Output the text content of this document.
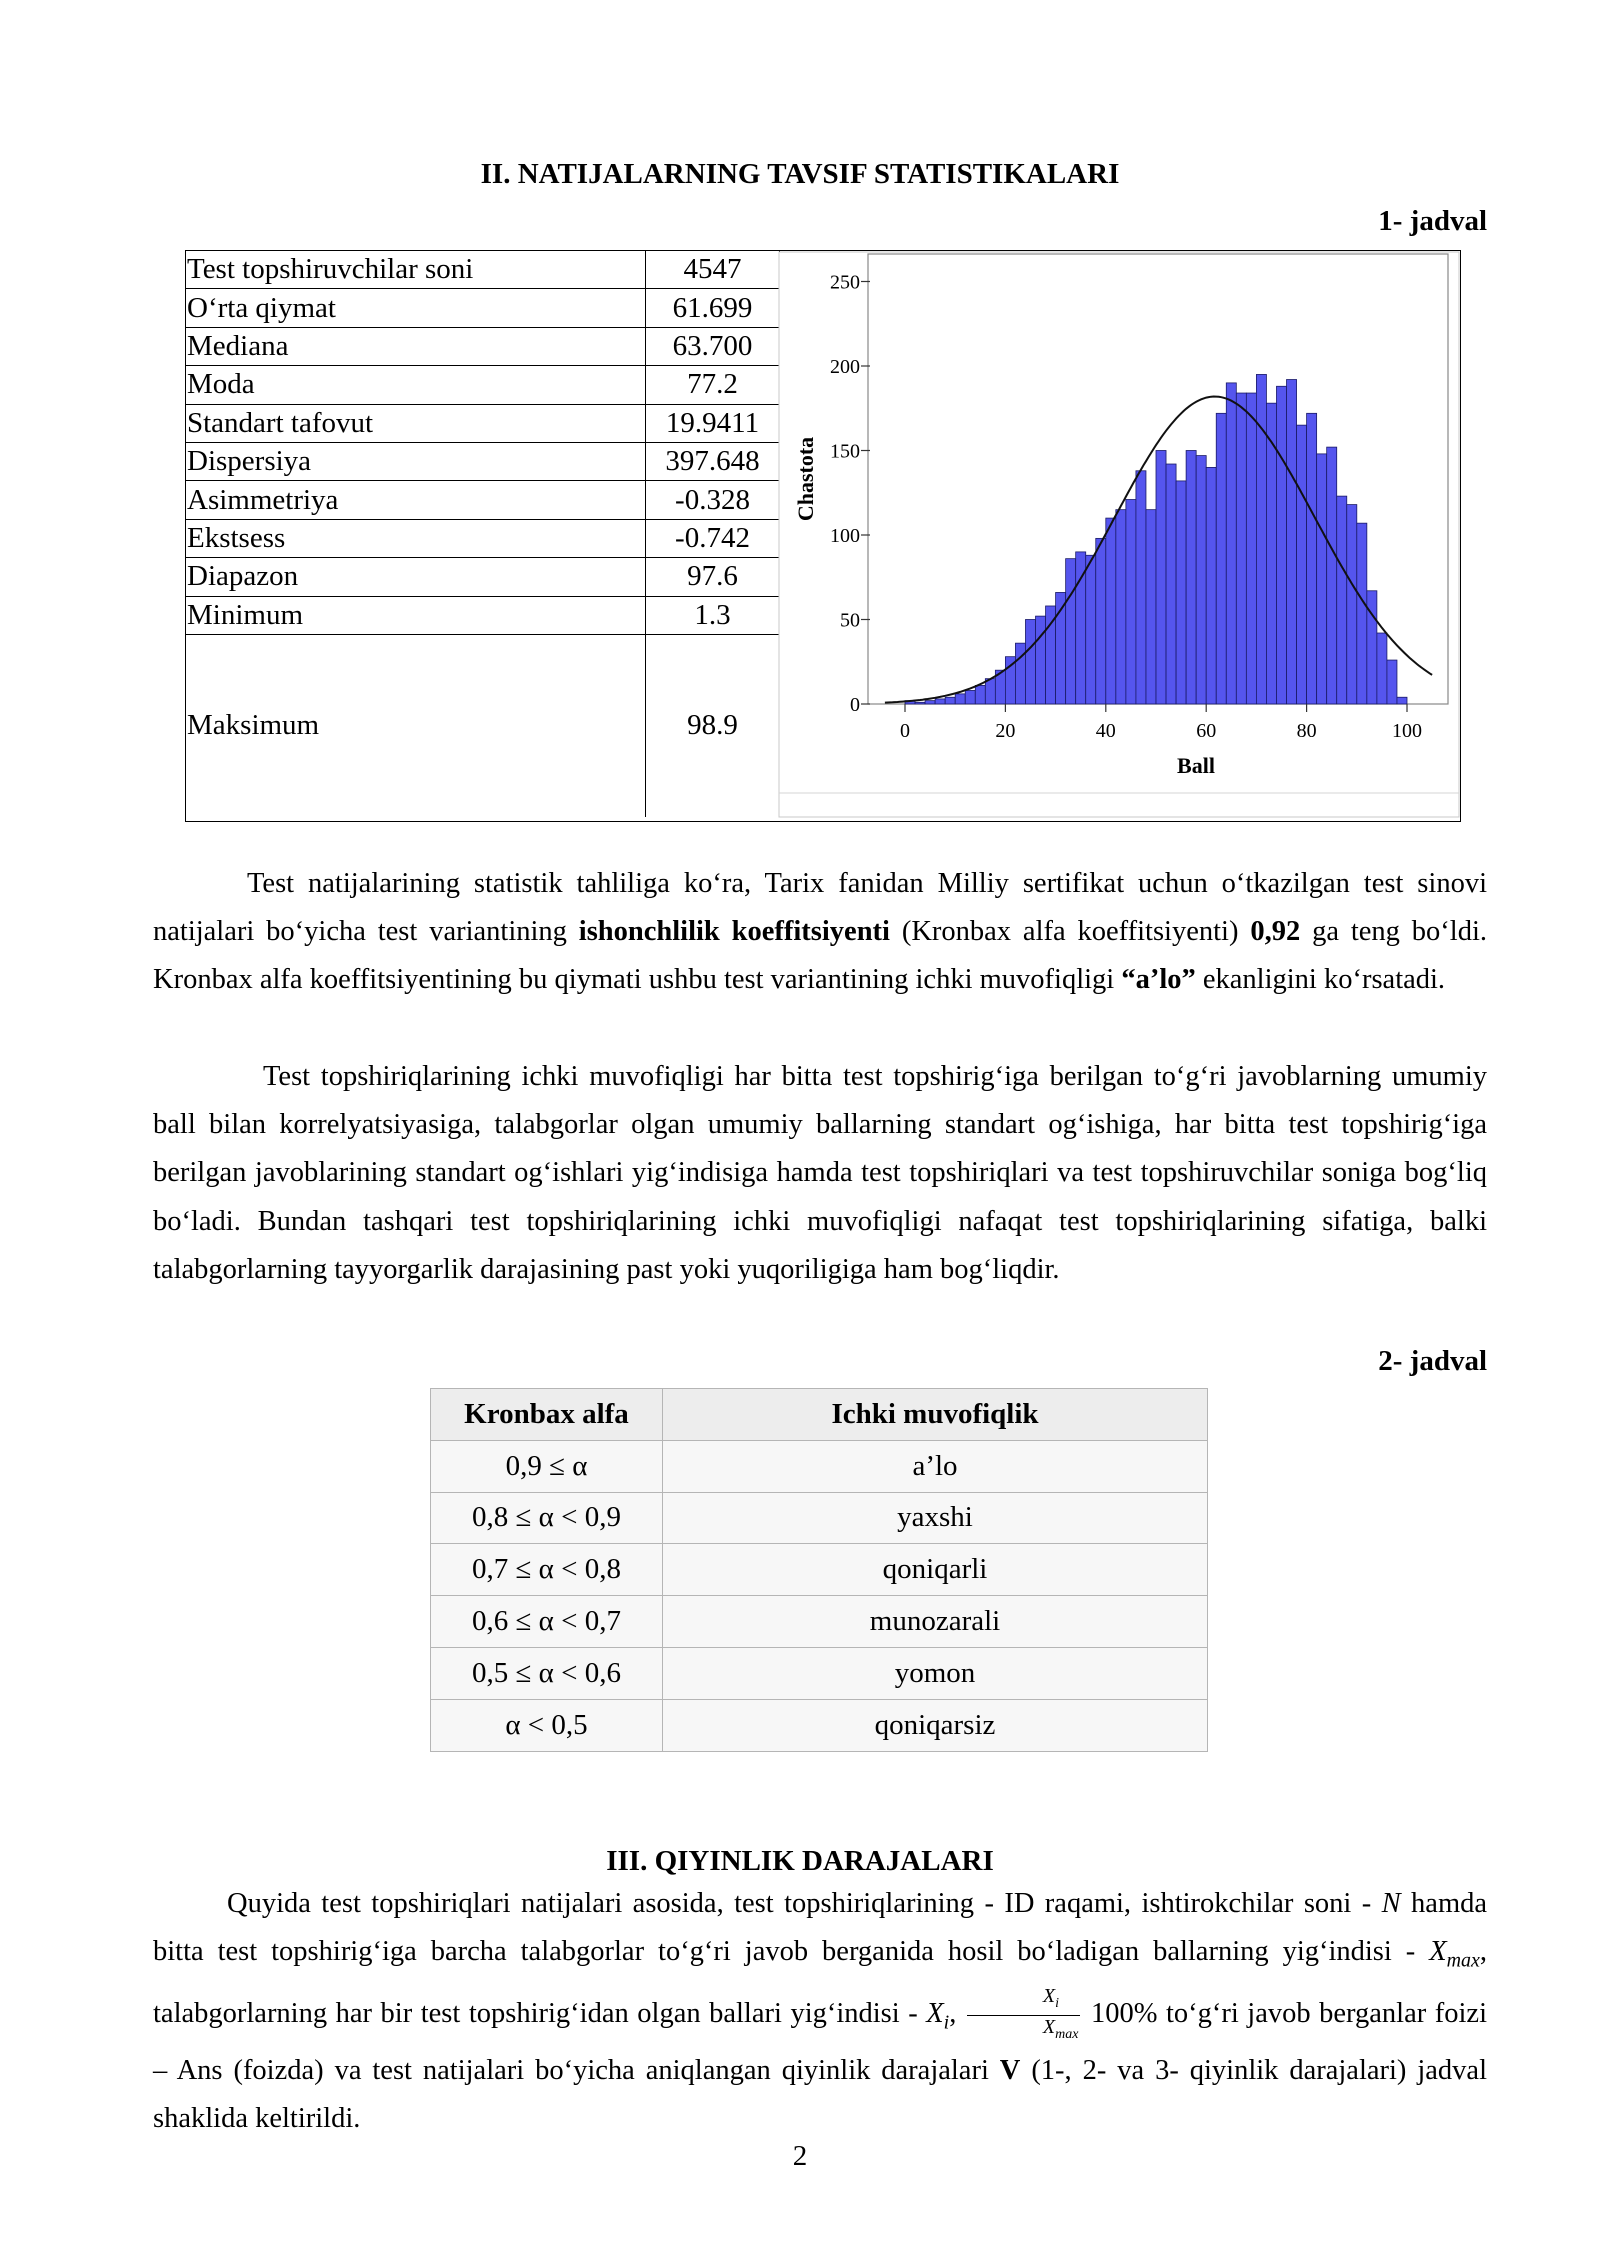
II. NATIJALARNING TAVSIF STATISTIKALARI
1- jadval
Test topshiruvchilar soni	4547
O‘rta qiymat	61.699
Mediana	63.700
Moda	77.2
Standart tafovut	19.9411
Dispersiya	397.648
Asimmetriya	-0.328
Ekstsess	-0.742
Diapazon	97.6
Minimum	1.3
Maksimum	98.9
0
50
100
150
200
250
0	20	40	60	80	100
Ball
Chastota

Test natijalarining statistik tahliliga ko‘ra, Tarix fanidan Milliy sertifikat uchun o‘tkazilgan test sinovi natijalari bo‘yicha test variantining ishonchlilik koeffitsiyenti (Kronbax alfa koeffitsiyenti) 0,92 ga teng bo‘ldi. Kronbax alfa koeffitsiyentining bu qiymati ushbu test variantining ichki muvofiqligi “a’lo” ekanligini ko‘rsatadi.

Test topshiriqlarining ichki muvofiqligi har bitta test topshirig‘iga berilgan to‘g‘ri javoblarning umumiy ball bilan korrelyatsiyasiga, talabgorlar olgan umumiy ballarning standart og‘ishiga, har bitta test topshirig‘iga berilgan javoblarining standart og‘ishlari yig‘indisiga hamda test topshiriqlari va test topshiruvchilar soniga bog‘liq bo‘ladi. Bundan tashqari test topshiriqlarining ichki muvofiqligi nafaqat test topshiriqlarining sifatiga, balki talabgorlarning tayyorgarlik darajasining past yoki yuqoriligiga ham bog‘liqdir.

2- jadval
Kronbax alfa	Ichki muvofiqlik
0,9 ≤ α	a’lo
0,8 ≤ α < 0,9	yaxshi
0,7 ≤ α < 0,8	qoniqarli
0,6 ≤ α < 0,7	munozarali
0,5 ≤ α < 0,6	yomon
α < 0,5	qoniqarsiz
III. QIYINLIK DARAJALARI

Quyida test topshiriqlari natijalari asosida, test topshiriqlarining - ID raqami, ishtirokchilar soni - N hamda bitta test topshirig‘iga barcha talabgorlar to‘g‘ri javob berganida hosil bo‘ladigan ballarning yig‘indisi - $X_{max}$, talabgorlarning har bir test topshirig‘idan olgan ballari yig‘indisi - $X_i$, $\frac{X_i}{X_{max}} 100\%$ to‘g‘ri javob berganlar foizi – Ans (foizda) va test natijalari bo‘yicha aniqlangan qiyinlik darajalari V (1-, 2- va 3- qiyinlik darajalari) jadval shaklida keltirildi.

2
